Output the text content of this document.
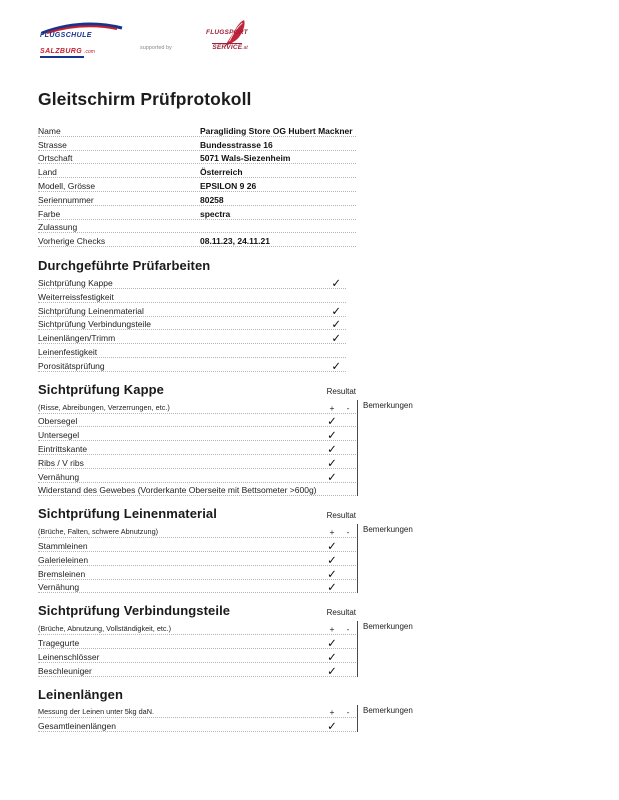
FLUGSCHULE
SALZBURG .com
supported by
FLUGSPORT
SERVICE.at
Gleitschirm Prüfprotokoll
Name	Paragliding Store OG Hubert Mackner
Strasse	Bundesstrasse 16
Ortschaft	5071 Wals-Siezenheim
Land	Österreich
Modell, Grösse	EPSILON 9 26
Seriennummer	80258
Farbe	spectra
Zulassung
Vorherige Checks	08.11.23, 24.11.21
Durchgeführte Prüfarbeiten
Sichtprüfung Kappe	✓
Weiterreissfestigkeit
Sichtprüfung Leinenmaterial	✓
Sichtprüfung Verbindungsteile	✓
Leinenlängen/Trimm	✓
Leinenfestigkeit
Porositätsprüfung	✓
Sichtprüfung Kappe	Resultat
(Risse, Abreibungen, Verzerrungen, etc.)	+	-
Obersegel	✓
Untersegel	✓
Eintrittskante	✓
Ribs / V ribs	✓
Vernähung	✓
Widerstand des Gewebes (Vorderkante Oberseite mit Bettsometer >600g)
Bemerkungen
Sichtprüfung Leinenmaterial	Resultat
(Brüche, Falten, schwere Abnutzung)	+	-
Stammleinen	✓
Galerieleinen	✓
Bremsleinen	✓
Vernähung	✓
Bemerkungen
Sichtprüfung Verbindungsteile	Resultat
(Brüche, Abnutzung, Vollständigkeit, etc.)	+	-
Tragegurte	✓
Leinenschlösser	✓
Beschleuniger	✓
Bemerkungen
Leinenlängen
Messung der Leinen unter 5kg daN.	+	-
Gesamtleinenlängen	✓
Bemerkungen
